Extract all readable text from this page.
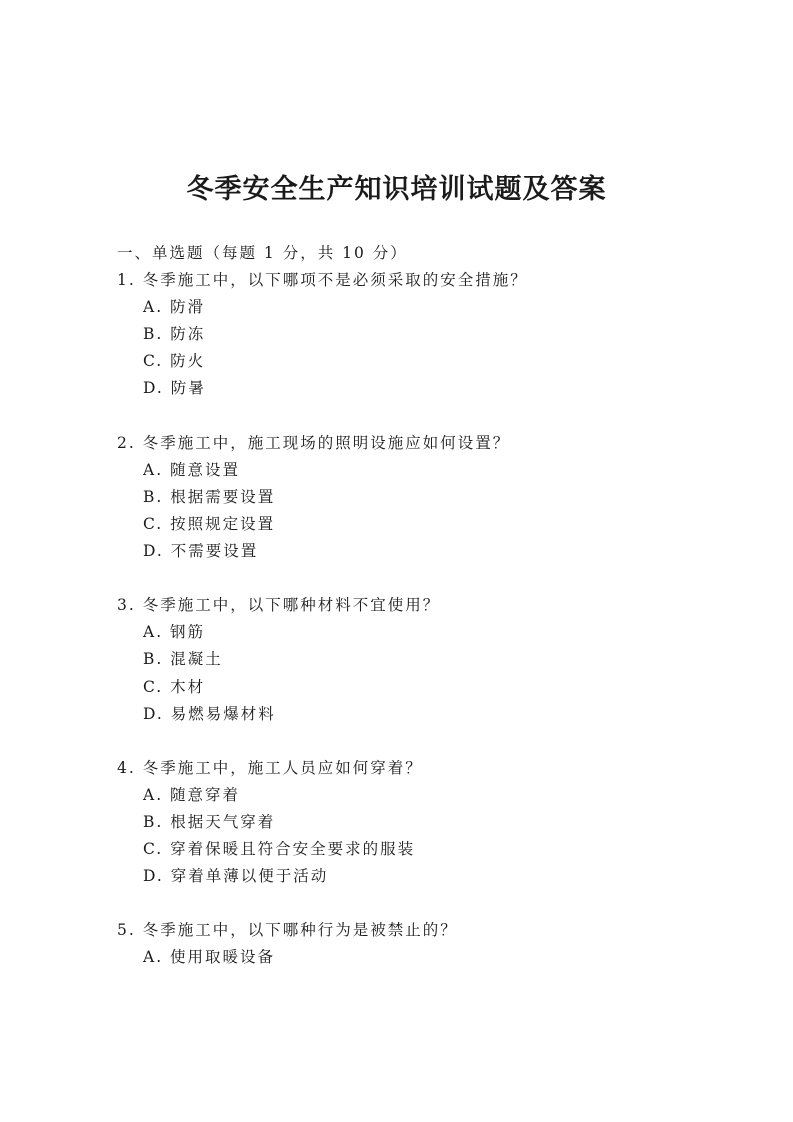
冬季安全生产知识培训试题及答案
一、单选题（每题 1 分，共 10 分）
1. 冬季施工中，以下哪项不是必须采取的安全措施？
A. 防滑
B. 防冻
C. 防火
D. 防暑
2. 冬季施工中，施工现场的照明设施应如何设置？
A. 随意设置
B. 根据需要设置
C. 按照规定设置
D. 不需要设置
3. 冬季施工中，以下哪种材料不宜使用？
A. 钢筋
B. 混凝土
C. 木材
D. 易燃易爆材料
4. 冬季施工中，施工人员应如何穿着？
A. 随意穿着
B. 根据天气穿着
C. 穿着保暖且符合安全要求的服装
D. 穿着单薄以便于活动
5. 冬季施工中，以下哪种行为是被禁止的？
A. 使用取暖设备
